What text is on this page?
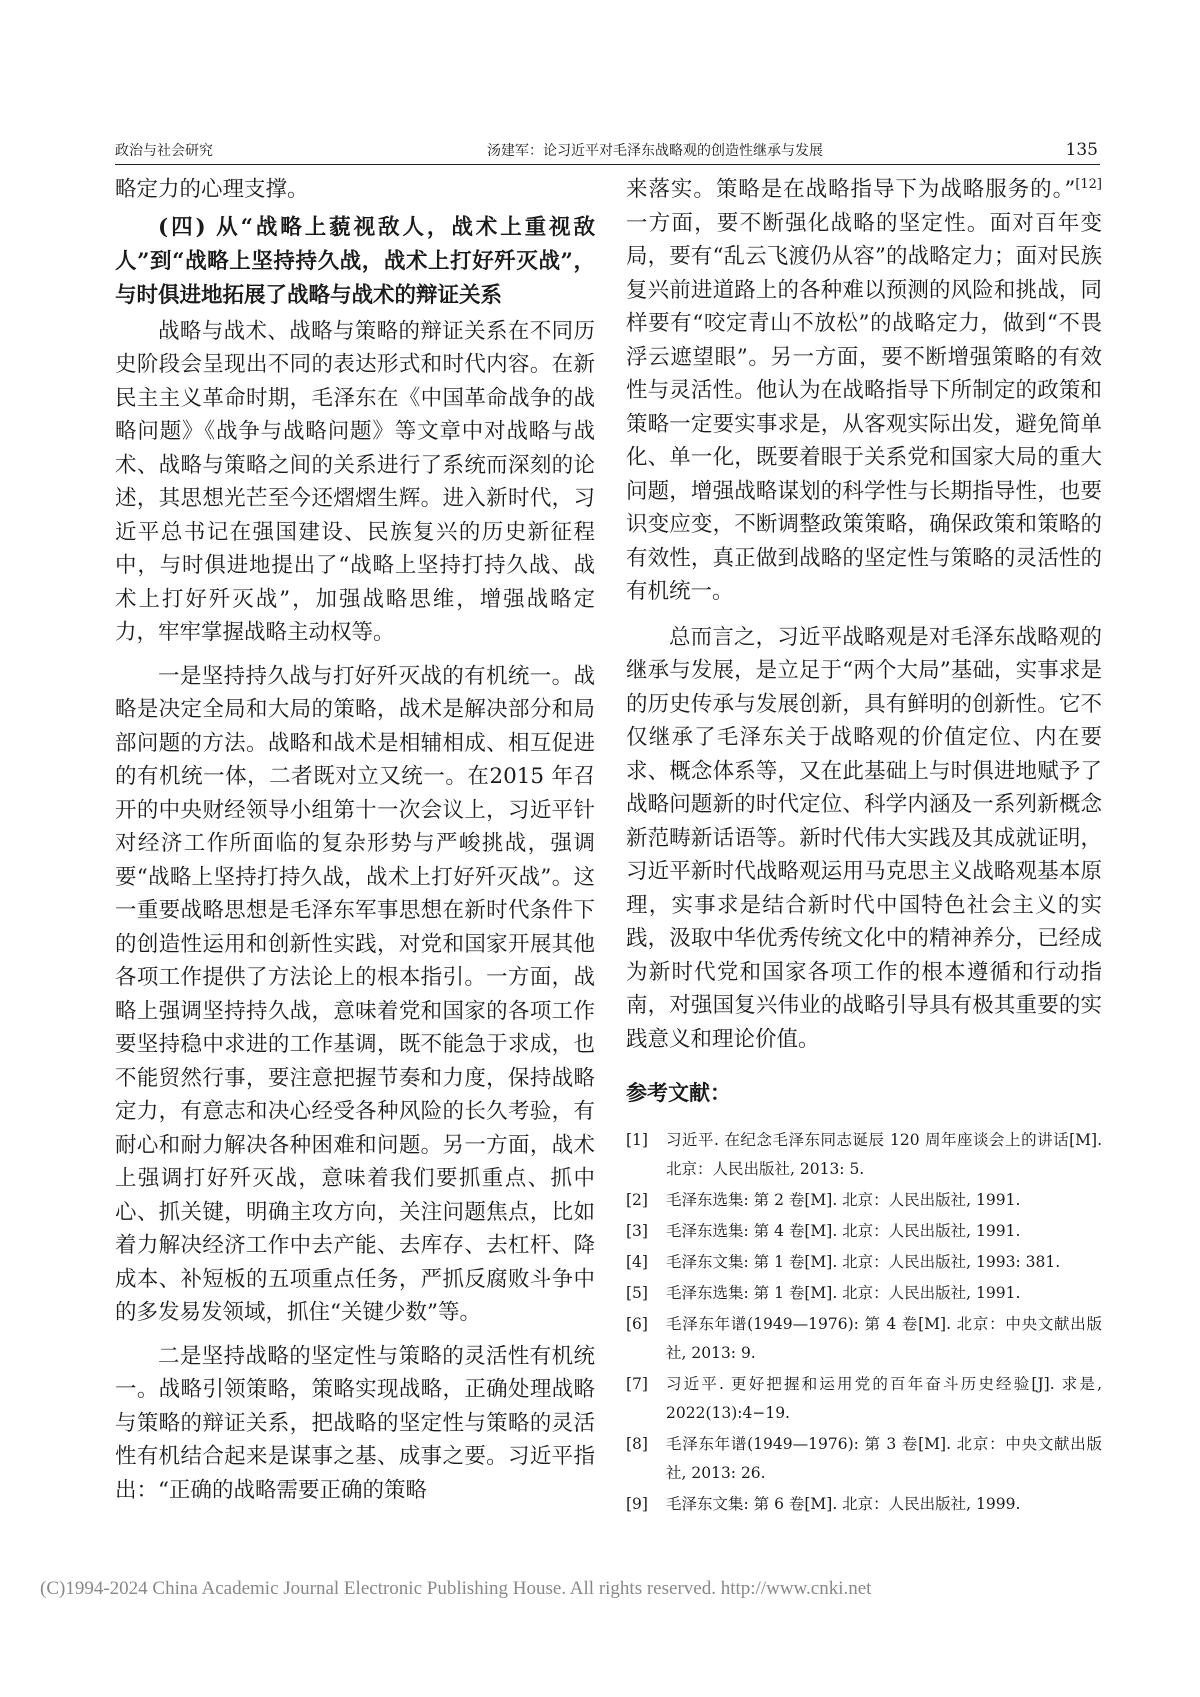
政治与社会研究	汤建军：论习近平对毛泽东战略观的创造性继承与发展	135

略定力的心理支撑。

(四) 从“战略上藐视敌人，战术上重视敌人”到“战略上坚持持久战，战术上打好歼灭战”，与时俱进地拓展了战略与战术的辩证关系

战略与战术、战略与策略的辩证关系在不同历史阶段会呈现出不同的表达形式和时代内容。在新民主主义革命时期，毛泽东在《中国革命战争的战略问题》《战争与战略问题》等文章中对战略与战术、战略与策略之间的关系进行了系统而深刻的论述，其思想光芒至今还熠熠生辉。进入新时代，习近平总书记在强国建设、民族复兴的历史新征程中，与时俱进地提出了“战略上坚持打持久战、战术上打好歼灭战”，加强战略思维，增强战略定力，牢牢掌握战略主动权等。

一是坚持持久战与打好歼灭战的有机统一。战略是决定全局和大局的策略，战术是解决部分和局部问题的方法。战略和战术是相辅相成、相互促进的有机统一体，二者既对立又统一。在2015 年召开的中央财经领导小组第十一次会议上，习近平针对经济工作所面临的复杂形势与严峻挑战，强调要“战略上坚持打持久战，战术上打好歼灭战”。这一重要战略思想是毛泽东军事思想在新时代条件下的创造性运用和创新性实践，对党和国家开展其他各项工作提供了方法论上的根本指引。一方面，战略上强调坚持持久战，意味着党和国家的各项工作要坚持稳中求进的工作基调，既不能急于求成，也不能贸然行事，要注意把握节奏和力度，保持战略定力，有意志和决心经受各种风险的长久考验，有耐心和耐力解决各种困难和问题。另一方面，战术上强调打好歼灭战，意味着我们要抓重点、抓中心、抓关键，明确主攻方向，关注问题焦点，比如着力解决经济工作中去产能、去库存、去杠杆、降成本、补短板的五项重点任务，严抓反腐败斗争中的多发易发领域，抓住“关键少数”等。

二是坚持战略的坚定性与策略的灵活性有机统一。战略引领策略，策略实现战略，正确处理战略与策略的辩证关系，把战略的坚定性与策略的灵活性有机结合起来是谋事之基、成事之要。习近平指出：“正确的战略需要正确的策略

来落实。策略是在战略指导下为战略服务的。”[12]一方面，要不断强化战略的坚定性。面对百年变局，要有“乱云飞渡仍从容”的战略定力；面对民族复兴前进道路上的各种难以预测的风险和挑战，同样要有“咬定青山不放松”的战略定力，做到“不畏浮云遮望眼”。另一方面，要不断增强策略的有效性与灵活性。他认为在战略指导下所制定的政策和策略一定要实事求是，从客观实际出发，避免简单化、单一化，既要着眼于关系党和国家大局的重大问题，增强战略谋划的科学性与长期指导性，也要识变应变，不断调整政策策略，确保政策和策略的有效性，真正做到战略的坚定性与策略的灵活性的有机统一。

总而言之，习近平战略观是对毛泽东战略观的继承与发展，是立足于“两个大局”基础，实事求是的历史传承与发展创新，具有鲜明的创新性。它不仅继承了毛泽东关于战略观的价值定位、内在要求、概念体系等，又在此基础上与时俱进地赋予了战略问题新的时代定位、科学内涵及一系列新概念新范畴新话语等。新时代伟大实践及其成就证明，习近平新时代战略观运用马克思主义战略观基本原理，实事求是结合新时代中国特色社会主义的实践，汲取中华优秀传统文化中的精神养分，已经成为新时代党和国家各项工作的根本遵循和行动指南，对强国复兴伟业的战略引导具有极其重要的实践意义和理论价值。

参考文献：

[1] 习近平. 在纪念毛泽东同志诞辰 120 周年座谈会上的讲话[M]. 北京：人民出版社, 2013: 5.
[2] 毛泽东选集: 第 2 卷[M]. 北京：人民出版社, 1991.
[3] 毛泽东选集: 第 4 卷[M]. 北京：人民出版社, 1991.
[4] 毛泽东文集: 第 1 卷[M]. 北京：人民出版社, 1993: 381.
[5] 毛泽东选集: 第 1 卷[M]. 北京：人民出版社, 1991.
[6] 毛泽东年谱(1949—1976): 第 4 卷[M]. 北京：中央文献出版社, 2013: 9.
[7] 习近平. 更好把握和运用党的百年奋斗历史经验[J]. 求是, 2022(13):4−19.
[8] 毛泽东年谱(1949—1976): 第 3 卷[M]. 北京：中央文献出版社, 2013: 26.
[9] 毛泽东文集: 第 6 卷[M]. 北京：人民出版社, 1999.
(C)1994-2024 China Academic Journal Electronic Publishing House. All rights reserved. http://www.cnki.net
